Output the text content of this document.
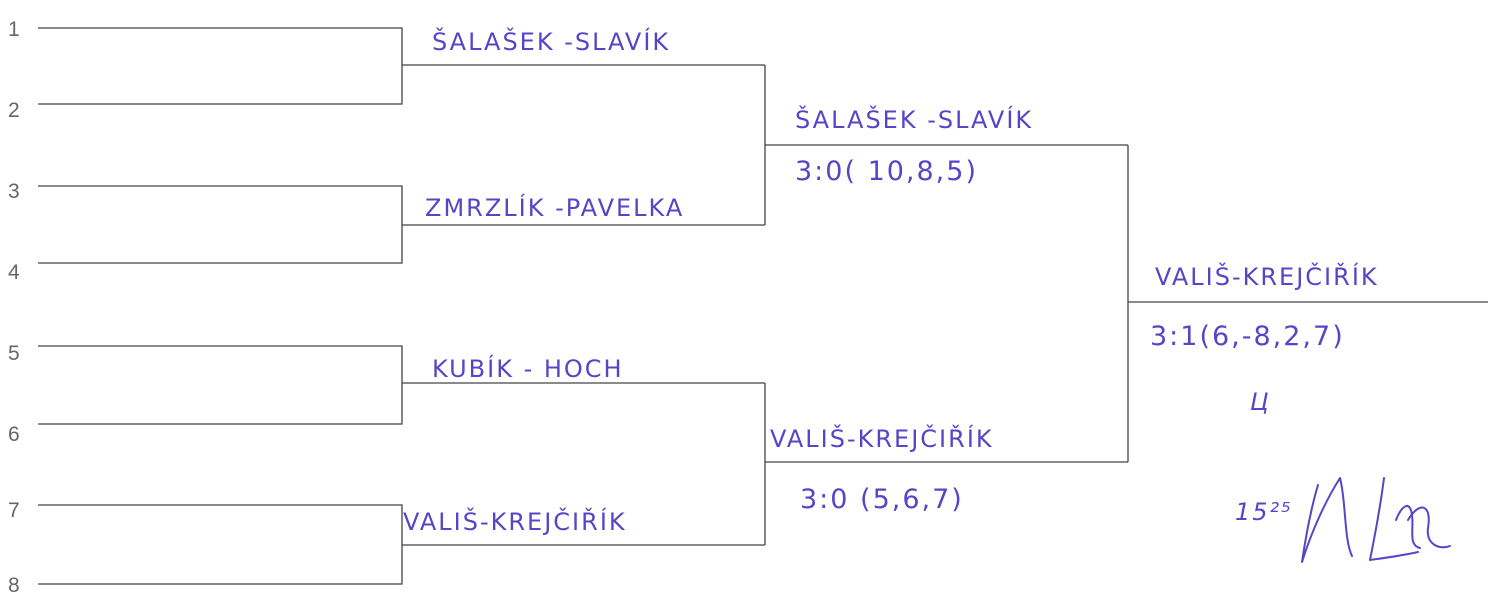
1
2
3
4
5
6
7
8
ŠALAŠEK -SLAVÍK
ZMRZLÍK -PAVELKA
KUBÍK - HOCH
VALIŠ-KREJČIŘÍK
ŠALAŠEK -SLAVÍK
3:0( 10,8,5)
VALIŠ-KREJČIŘÍK
3:0 (5,6,7)
VALIŠ-KREJČIŘÍK
3:1(6,-8,2,7)
Ц
15²⁵
